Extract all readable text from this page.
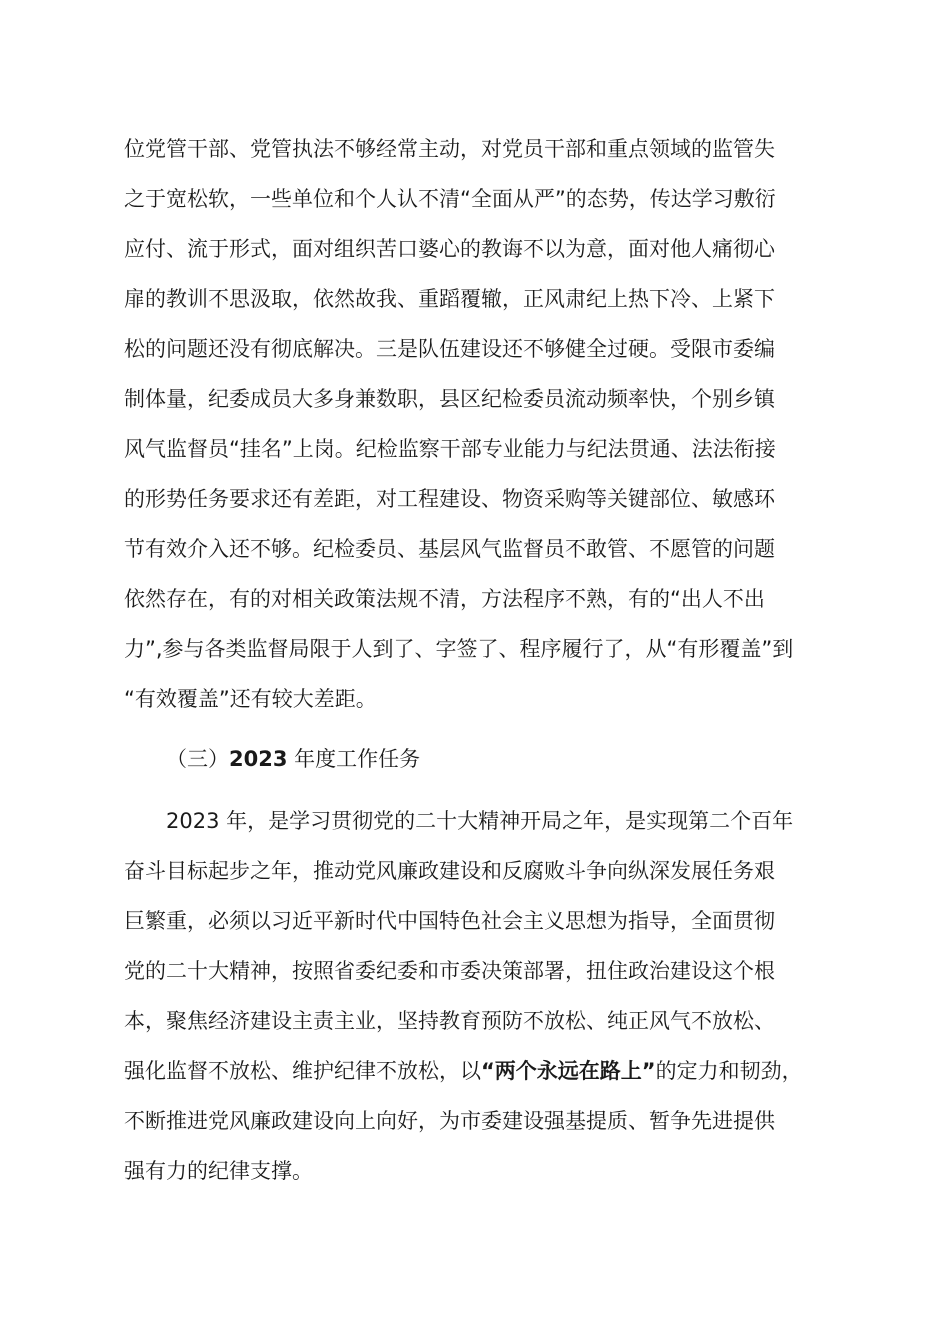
位党管干部、党管执法不够经常主动，对党员干部和重点领域的监管失
之于宽松软，一些单位和个人认不清“全面从严”的态势，传达学习敷衍
应付、流于形式，面对组织苦口婆心的教诲不以为意，面对他人痛彻心
扉的教训不思汲取，依然故我、重蹈覆辙，正风肃纪上热下冷、上紧下
松的问题还没有彻底解决。三是队伍建设还不够健全过硬。受限市委编
制体量，纪委成员大多身兼数职，县区纪检委员流动频率快，个别乡镇
风气监督员“挂名”上岗。纪检监察干部专业能力与纪法贯通、法法衔接
的形势任务要求还有差距，对工程建设、物资采购等关键部位、敏感环
节有效介入还不够。纪检委员、基层风气监督员不敢管、不愿管的问题
依然存在，有的对相关政策法规不清，方法程序不熟，有的“出人不出
力”,参与各类监督局限于人到了、字签了、程序履行了，从“有形覆盖”到
“有效覆盖”还有较大差距。
（三）2023 年度工作任务
2023 年，是学习贯彻党的二十大精神开局之年，是实现第二个百年
奋斗目标起步之年，推动党风廉政建设和反腐败斗争向纵深发展任务艰
巨繁重，必须以习近平新时代中国特色社会主义思想为指导，全面贯彻
党的二十大精神，按照省委纪委和市委决策部署，扭住政治建设这个根
本，聚焦经济建设主责主业，坚持教育预防不放松、纯正风气不放松、
强化监督不放松、维护纪律不放松，以“两个永远在路上”的定力和韧劲，
不断推进党风廉政建设向上向好，为市委建设强基提质、暂争先进提供
强有力的纪律支撑。
